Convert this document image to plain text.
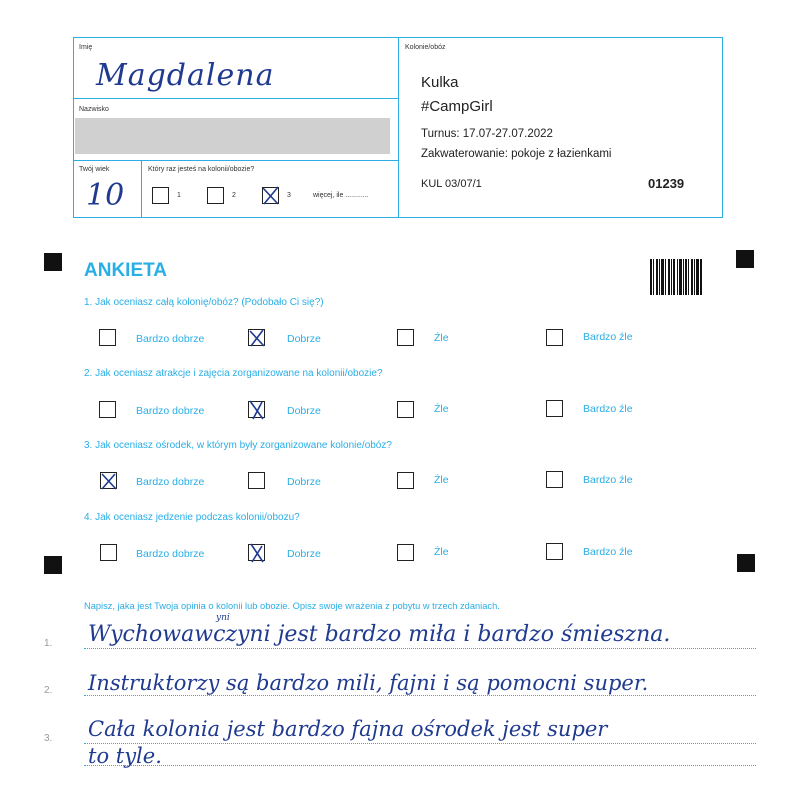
Imię
Magdalena
Nazwisko
Twój wiek
10
Który raz jesteś na kolonii/obozie?
1	2	3	więcej, ile ............
Kolonie/obóz
Kulka
#CampGirl
Turnus: 17.07-27.07.2022
Zakwaterowanie: pokoje z łazienkami
KUL 03/07/1	01239
ANKIETA
1. Jak oceniasz całą kolonię/obóz? (Podobało Ci się?)
Bardzo dobrze	Dobrze	Źle	Bardzo źle
2. Jak oceniasz atrakcje i zajęcia zorganizowane na kolonii/obozie?
Bardzo dobrze	Dobrze	Źle	Bardzo źle
3. Jak oceniasz ośrodek, w którym były zorganizowane kolonie/obóz?
Bardzo dobrze	Dobrze	Źle	Bardzo źle
4. Jak oceniasz jedzenie podczas kolonii/obozu?
Bardzo dobrze	Dobrze	Źle	Bardzo źle
Napisz, jaka jest Twoja opinia o kolonii lub obozie. Opisz swoje wrażenia z pobytu w trzech zdaniach.
1.
2.
3.
yni
Wychowawczyni jest bardzo miła i bardzo śmieszna.
Instruktorzy są bardzo mili, fajni i są pomocni super.
Cała kolonia jest bardzo fajna ośrodek jest super
to tyle.
